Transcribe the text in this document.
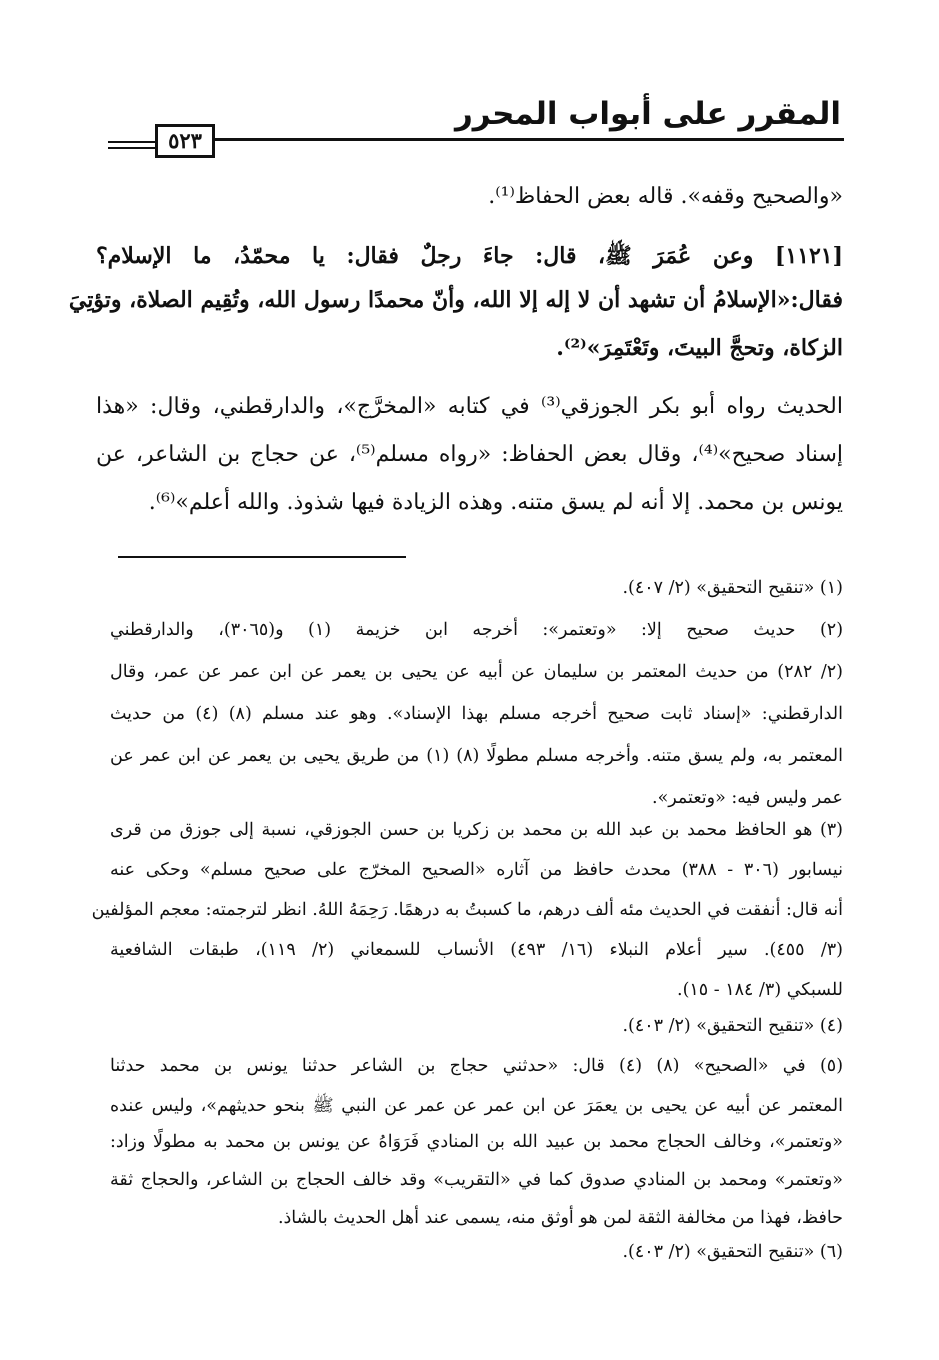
المقرر على أبواب المحرر
٥٢٣
«والصحيح وقفه». قاله بعض الحفاظ⁽¹⁾.
[١١٢١] وعن عُمَرَ ﷺ، قال: جاءَ رجلٌ فقال: يا محمّدُ، ما الإسلام؟
فقال:«الإسلامُ أن تشهد أن لا إله إلا الله، وأنّ محمدًا رسول الله، وتُقِيم الصلاة، وتؤتِيَ
الزكاة، وتحجَّ البيتَ، وتَعْتَمِرَ»⁽²⁾.
الحديث رواه أبو بكر الجوزقي⁽³⁾ في كتابه «المخرَّج»، والدارقطني، وقال: «هذا
إسناد صحيح»⁽⁴⁾، وقال بعض الحفاظ: «رواه مسلم⁽⁵⁾، عن حجاج بن الشاعر، عن
يونس بن محمد. إلا أنه لم يسق متنه. وهذه الزيادة فيها شذوذ. والله أعلم»⁽⁶⁾.
(١) «تنقيح التحقيق» (٢/ ٤٠٧).
(٢) حديث صحيح إلا: «وتعتمر»: أخرجه ابن خزيمة (١) و(٣٠٦٥)، والدارقطني
(٢/ ٢٨٢) من حديث المعتمر بن سليمان عن أبيه عن يحيى بن يعمر عن ابن عمر عن عمر، وقال
الدارقطني: «إسناد ثابت صحيح أخرجه مسلم بهذا الإسناد». وهو عند مسلم (٨) (٤) من حديث
المعتمر به، ولم يسق متنه. وأخرجه مسلم مطولًا (٨) (١) من طريق يحيى بن يعمر عن ابن عمر عن
عمر وليس فيه: «وتعتمر».
(٣) هو الحافظ محمد بن عبد الله بن محمد بن زكريا بن حسن الجوزقي، نسبة إلى جوزق من قرى
نيسابور (٣٠٦ - ٣٨٨) محدث حافظ من آثاره «الصحيح المخرّج على صحيح مسلم» وحكى عنه
أنه قال: أنفقت في الحديث مئه ألف درهم، ما كسبتُ به درهمًا. رَحِمَهُ اللهُ. انظر لترجمته: معجم المؤلفين
(٣/ ٤٥٥). سير أعلام النبلاء (١٦/ ٤٩٣) الأنساب للسمعاني (٢/ ١١٩)، طبقات الشافعية
للسبكي (٣/ ١٨٤ - ١٥).
(٤) «تنقيح التحقيق» (٢/ ٤٠٣).
(٥) في «الصحيح» (٨) (٤) قال: «حدثني حجاج بن الشاعر حدثنا يونس بن محمد حدثنا
المعتمر عن أبيه عن يحيى بن يعمَرَ عن ابن عمر عن عمر عن النبي ﷺ بنحو حديثهم»، وليس عنده
«وتعتمر»، وخالف الحجاج محمد بن عبيد الله بن المنادي فَرَوَاهُ عن يونس بن محمد به مطولًا وزاد:
«وتعتمر» ومحمد بن المنادي صدوق كما في «التقريب» وقد خالف الحجاج بن الشاعر، والحجاج ثقة
حافظ، فهذا من مخالفة الثقة لمن هو أوثق منه، يسمى عند أهل الحديث بالشاذ.
(٦) «تنقيح التحقيق» (٢/ ٤٠٣).
